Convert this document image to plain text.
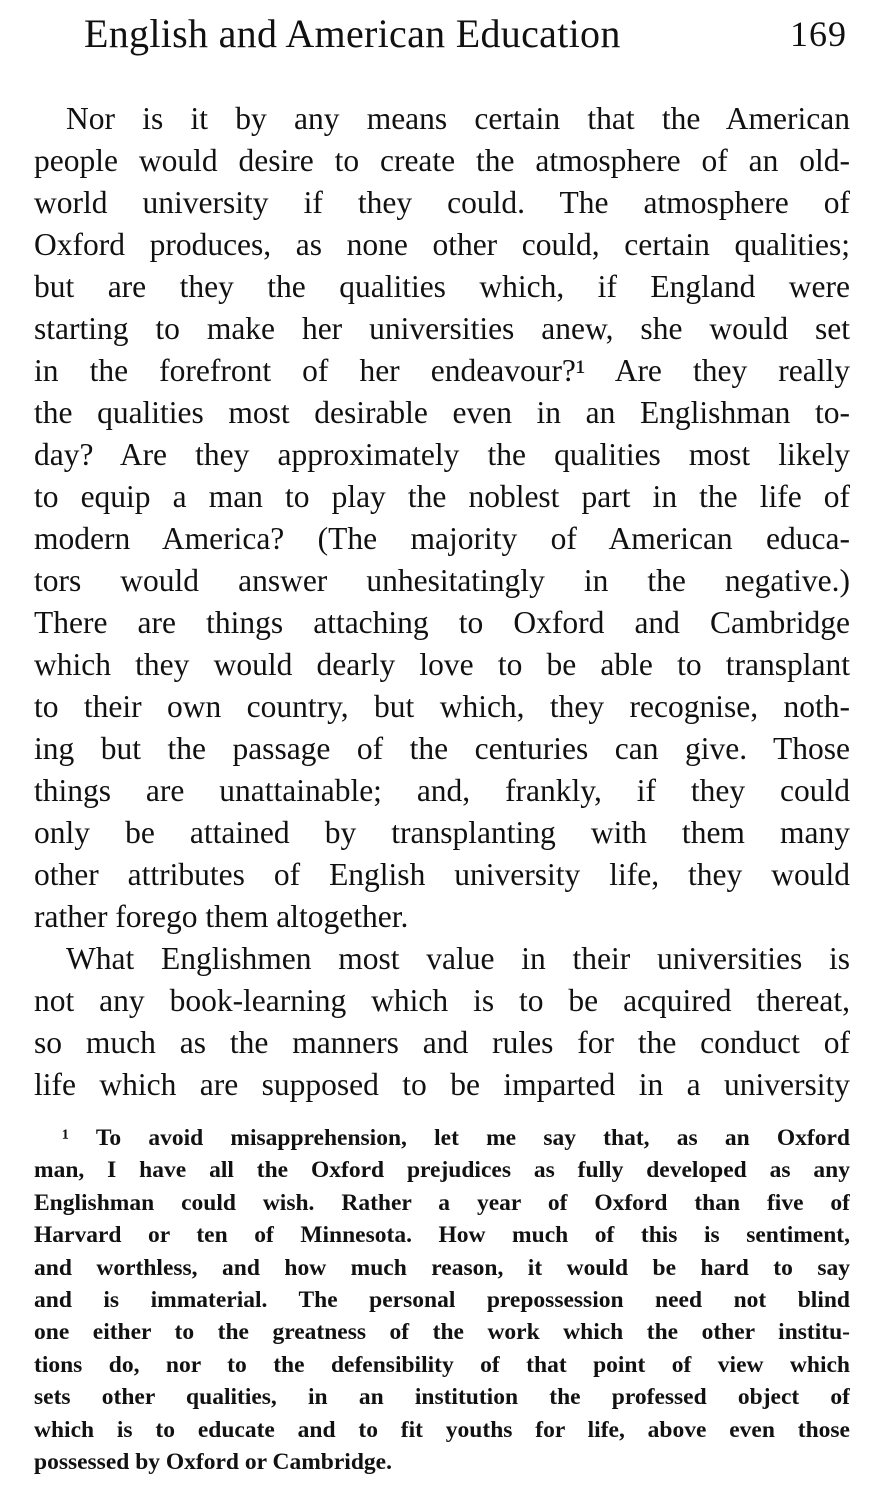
English and American Education	169
Nor is it by any means certain that the American
people would desire to create the atmosphere of an old-
world university if they could. The atmosphere of
Oxford produces, as none other could, certain qualities;
but are they the qualities which, if England were
starting to make her universities anew, she would set
in the forefront of her endeavour?¹ Are they really
the qualities most desirable even in an Englishman to-
day? Are they approximately the qualities most likely
to equip a man to play the noblest part in the life of
modern America? (The majority of American educa-
tors would answer unhesitatingly in the negative.)
There are things attaching to Oxford and Cambridge
which they would dearly love to be able to transplant
to their own country, but which, they recognise, noth-
ing but the passage of the centuries can give. Those
things are unattainable; and, frankly, if they could
only be attained by transplanting with them many
other attributes of English university life, they would
rather forego them altogether.
What Englishmen most value in their universities is
not any book-learning which is to be acquired thereat,
so much as the manners and rules for the conduct of
life which are supposed to be imparted in a university
¹ To avoid misapprehension, let me say that, as an Oxford
man, I have all the Oxford prejudices as fully developed as any
Englishman could wish. Rather a year of Oxford than five of
Harvard or ten of Minnesota. How much of this is sentiment,
and worthless, and how much reason, it would be hard to say
and is immaterial. The personal prepossession need not blind
one either to the greatness of the work which the other institu-
tions do, nor to the defensibility of that point of view which
sets other qualities, in an institution the professed object of
which is to educate and to fit youths for life, above even those
possessed by Oxford or Cambridge.
